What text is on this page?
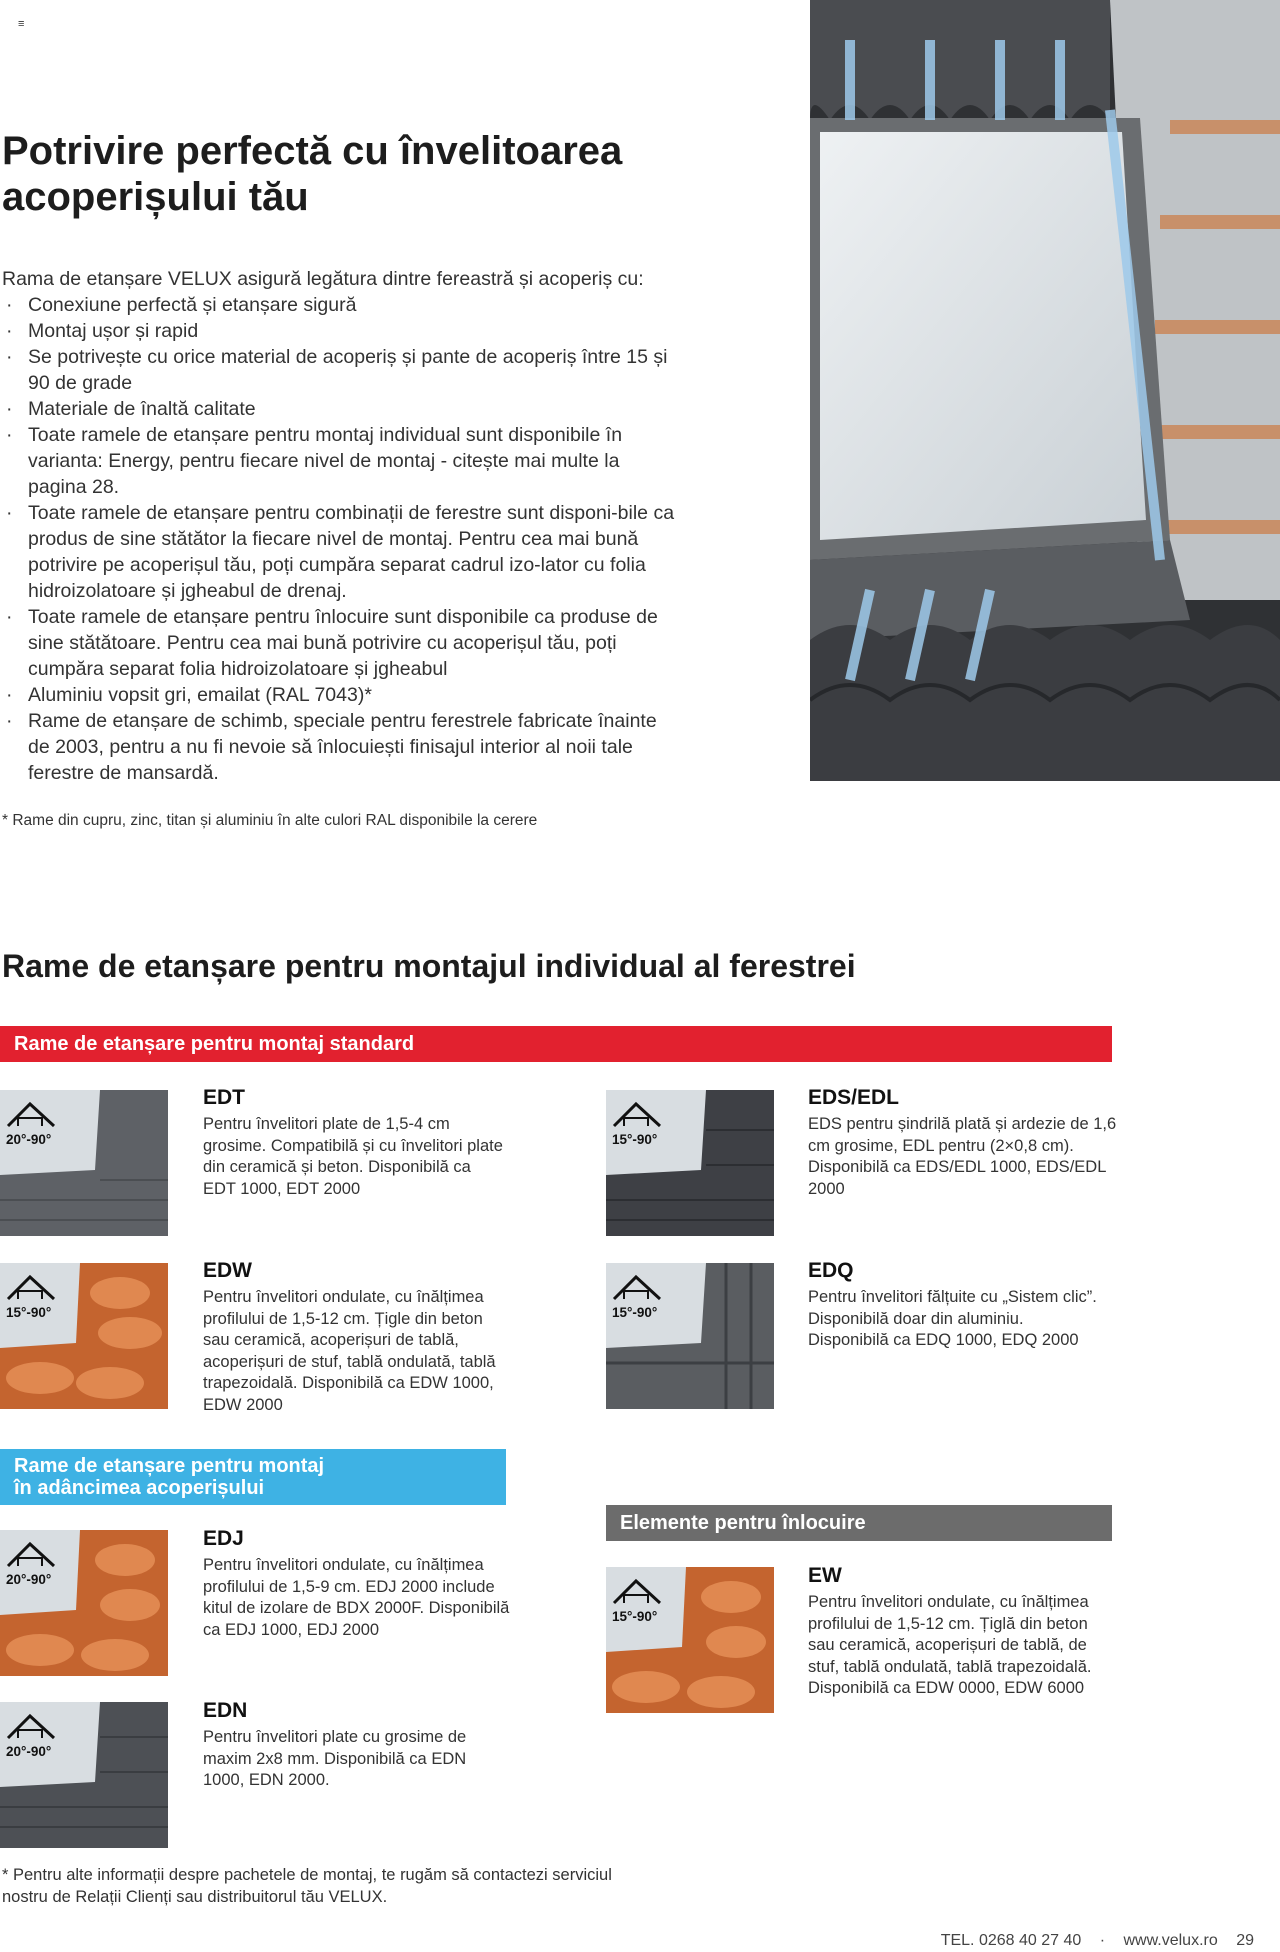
≡
Potrivire perfectă cu învelitoarea
acoperișului tău
Rama de etanșare VELUX asigură legătura dintre fereastră și acoperiș cu:
· Conexiune perfectă și etanșare sigură
· Montaj ușor și rapid
· Se potrivește cu orice material de acoperiș și pante de acoperiș între 15 și 90 de grade
· Materiale de înaltă calitate
· Toate ramele de etanșare pentru montaj individual sunt disponibile în varianta: Energy, pentru fiecare nivel de montaj - citește mai multe la pagina 28.
· Toate ramele de etanșare pentru combinații de ferestre sunt disponi-bile ca produs de sine stătător la fiecare nivel de montaj. Pentru cea mai bună potrivire pe acoperișul tău, poți cumpăra separat cadrul izo-lator cu folia hidroizolatoare și jgheabul de drenaj.
· Toate ramele de etanșare pentru înlocuire sunt disponibile ca produse de sine stătătoare. Pentru cea mai bună potrivire cu acoperișul tău, poți cumpăra separat folia hidroizolatoare și jgheabul
· Aluminiu vopsit gri, emailat (RAL 7043)*
· Rame de etanșare de schimb, speciale pentru ferestrele fabricate înainte de 2003, pentru a nu fi nevoie să înlocuiești finisajul interior al noii tale ferestre de mansardă.
* Rame din cupru, zinc, titan și aluminiu în alte culori RAL disponibile la cerere
Rame de etanșare pentru montajul individual al ferestrei
Rame de etanșare pentru montaj standard
Rame de etanșare pentru montaj
în adâncimea acoperișului
Elemente pentru înlocuire
20°-90°
EDT
Pentru învelitori plate de 1,5-4 cm grosime. Compatibilă și cu învelitori plate din ceramică și beton. Disponibilă ca EDT 1000, EDT 2000
15°-90°
EDS/EDL
EDS pentru șindrilă plată și ardezie de 1,6 cm grosime, EDL pentru (2×0,8 cm). Disponibilă ca EDS/EDL 1000, EDS/EDL 2000
15°-90°
EDW
Pentru învelitori ondulate, cu înălțimea profilului de 1,5-12 cm. Țigle din beton sau ceramică, acoperișuri de tablă, acoperișuri de stuf, tablă ondulată, tablă trapezoidală. Disponibilă ca EDW 1000, EDW 2000
15°-90°
EDQ
Pentru învelitori fălțuite cu „Sistem clic”. Disponibilă doar din aluminiu. Disponibilă ca EDQ 1000, EDQ 2000
20°-90°
EDJ
Pentru învelitori ondulate, cu înălțimea profilului de 1,5-9 cm. EDJ 2000 include kitul de izolare de BDX 2000F. Disponibilă ca EDJ 1000, EDJ 2000
15°-90°
EW
Pentru învelitori ondulate, cu înălțimea profilului de 1,5-12 cm. Țiglă din beton sau ceramică, acoperișuri de tablă, de stuf, tablă ondulată, tablă trapezoidală. Disponibilă ca EDW 0000, EDW 6000
20°-90°
EDN
Pentru învelitori plate cu grosime de maxim 2x8 mm. Disponibilă ca EDN 1000, EDN 2000.
* Pentru alte informații despre pachetele de montaj, te rugăm să contactezi serviciul nostru de Relații Clienți sau distribuitorul tău VELUX.
TEL. 0268 40 27 40 · www.velux.ro 29
